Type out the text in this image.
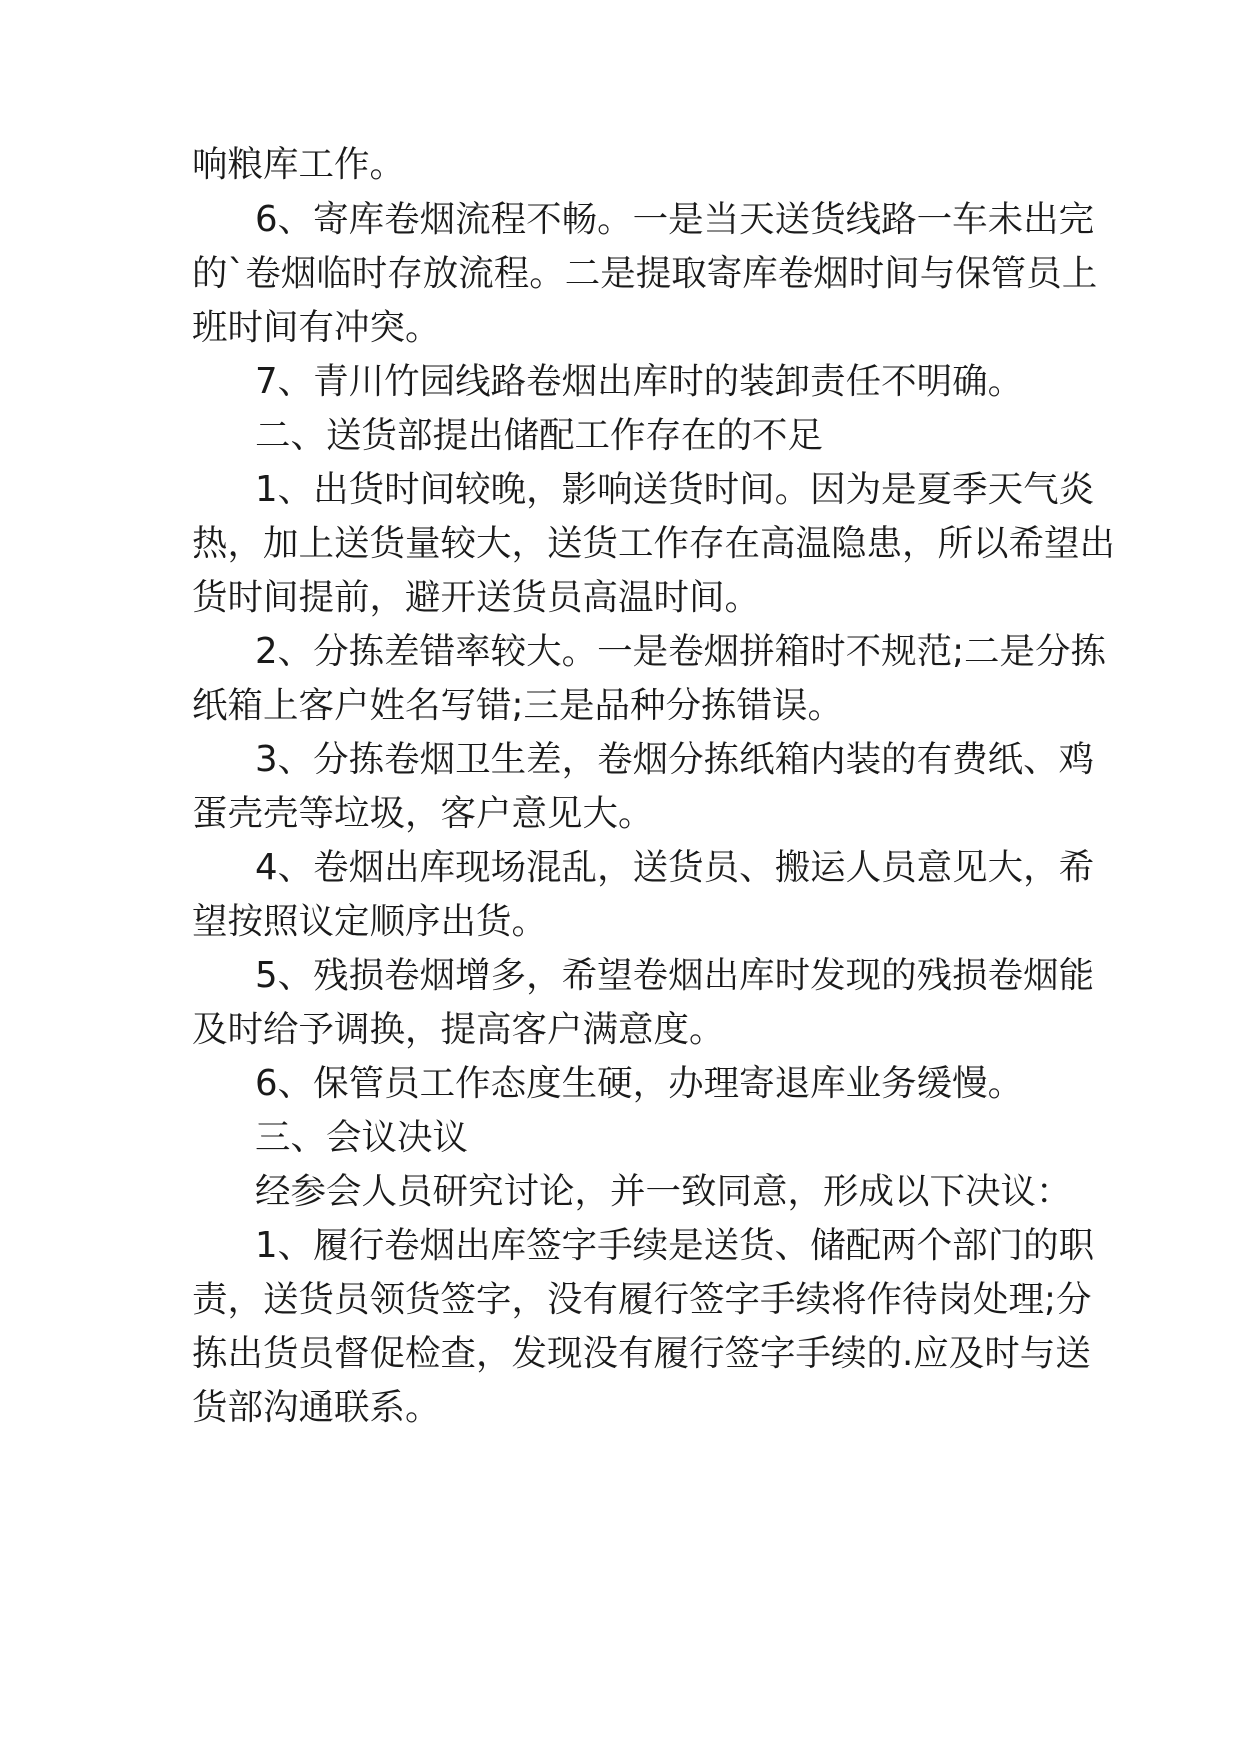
响粮库工作。

6、寄库卷烟流程不畅。一是当天送货线路一车未出完

的`卷烟临时存放流程。二是提取寄库卷烟时间与保管员上

班时间有冲突。

7、青川竹园线路卷烟出库时的装卸责任不明确。

二、送货部提出储配工作存在的不足

1、出货时间较晚，影响送货时间。因为是夏季天气炎

热，加上送货量较大，送货工作存在高温隐患，所以希望出

货时间提前，避开送货员高温时间。

2、分拣差错率较大。一是卷烟拼箱时不规范;二是分拣

纸箱上客户姓名写错;三是品种分拣错误。

3、分拣卷烟卫生差，卷烟分拣纸箱内装的有费纸、鸡

蛋壳壳等垃圾，客户意见大。

4、卷烟出库现场混乱，送货员、搬运人员意见大，希

望按照议定顺序出货。

5、残损卷烟增多，希望卷烟出库时发现的残损卷烟能

及时给予调换，提高客户满意度。

6、保管员工作态度生硬，办理寄退库业务缓慢。

三、会议决议

经参会人员研究讨论，并一致同意，形成以下决议：

1、履行卷烟出库签字手续是送货、储配两个部门的职

责，送货员领货签字，没有履行签字手续将作待岗处理;分

拣出货员督促检查，发现没有履行签字手续的.应及时与送

货部沟通联系。
